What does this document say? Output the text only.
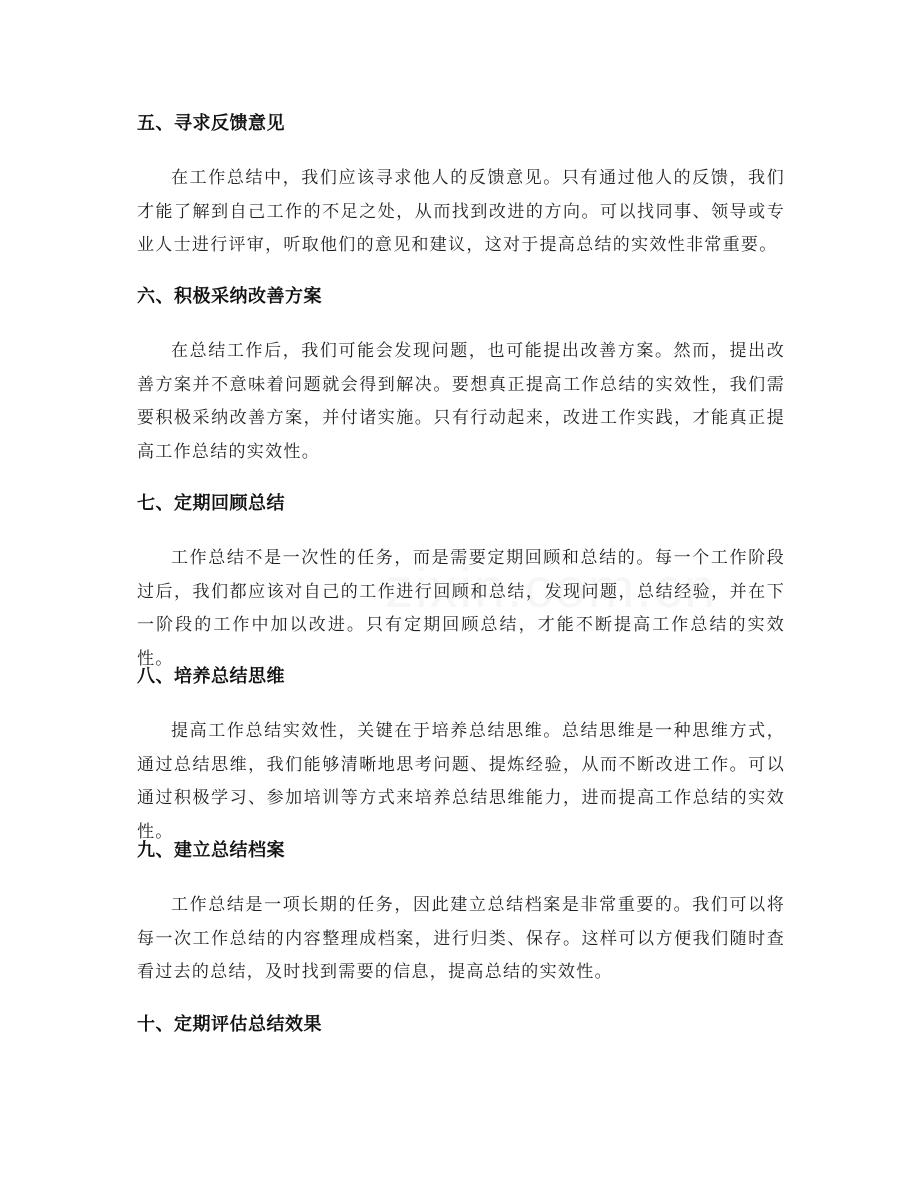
五、寻求反馈意见

在工作总结中，我们应该寻求他人的反馈意见。只有通过他人的反馈，我们才能了解到自己工作的不足之处，从而找到改进的方向。可以找同事、领导或专业人士进行评审，听取他们的意见和建议，这对于提高总结的实效性非常重要。

六、积极采纳改善方案

在总结工作后，我们可能会发现问题，也可能提出改善方案。然而，提出改善方案并不意味着问题就会得到解决。要想真正提高工作总结的实效性，我们需要积极采纳改善方案，并付诸实施。只有行动起来，改进工作实践，才能真正提高工作总结的实效性。

七、定期回顾总结

工作总结不是一次性的任务，而是需要定期回顾和总结的。每一个工作阶段过后，我们都应该对自己的工作进行回顾和总结，发现问题，总结经验，并在下一阶段的工作中加以改进。只有定期回顾总结，才能不断提高工作总结的实效性。

八、培养总结思维

提高工作总结实效性，关键在于培养总结思维。总结思维是一种思维方式，通过总结思维，我们能够清晰地思考问题、提炼经验，从而不断改进工作。可以通过积极学习、参加培训等方式来培养总结思维能力，进而提高工作总结的实效性。

九、建立总结档案

工作总结是一项长期的任务，因此建立总结档案是非常重要的。我们可以将每一次工作总结的内容整理成档案，进行归类、保存。这样可以方便我们随时查看过去的总结，及时找到需要的信息，提高总结的实效性。

十、定期评估总结效果
